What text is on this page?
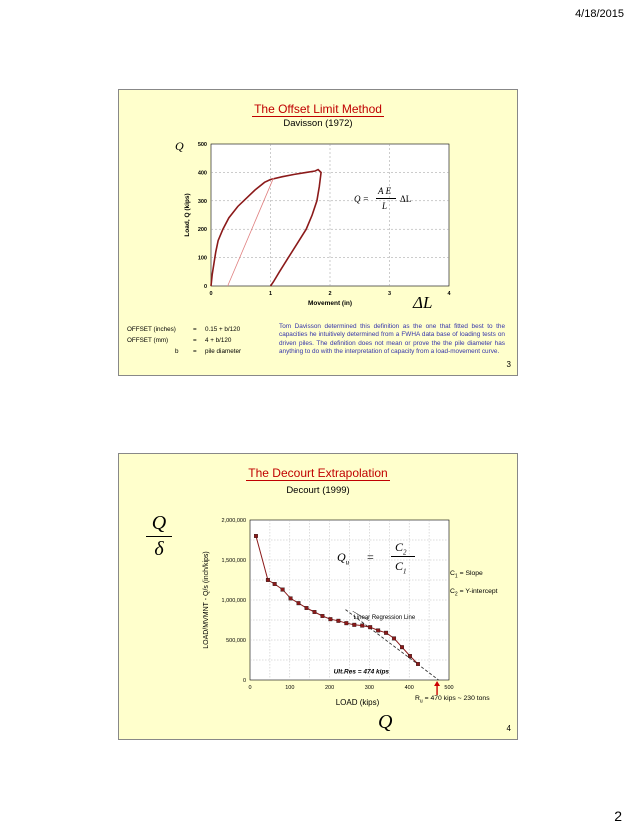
4/18/2015
The Offset Limit Method
Davisson (1972)
0
100
200
300
400
500
0	1	2	3	4
Movement (in)
Load, Q (kips)
Q
ΔL
Q =
A E
L
ΔL
OFFSET (inches)	= 0.15 + b/120
OFFSET (mm)	= 4 + b/120
b = pile diameter
Tom Davisson determined this definition as the one that fitted best to the capacities he intuitively determined from a FWHA data base of loading tests on driven piles. The definition does not mean or prove the the pile diameter has anything to do with the interpretation of capacity from a load-movement curve.
3
The Decourt Extrapolation
Decourt (1999)
0
500,000
1,000,000
1,500,000
2,000,000
0	100	200	300	400	500
LOAD (kips)
LOAD/MVMNT - Q/s (inch/kips)	Linear Regression Line
Ult.Res = 474 kips
Q
δ	$Q_u$ =
$C_2$
$C_1$	$C_1$ = Slope
$C_2$ = Y-intercept
$R_u = 470$ kips ~ 230 tons
Q	4
2
